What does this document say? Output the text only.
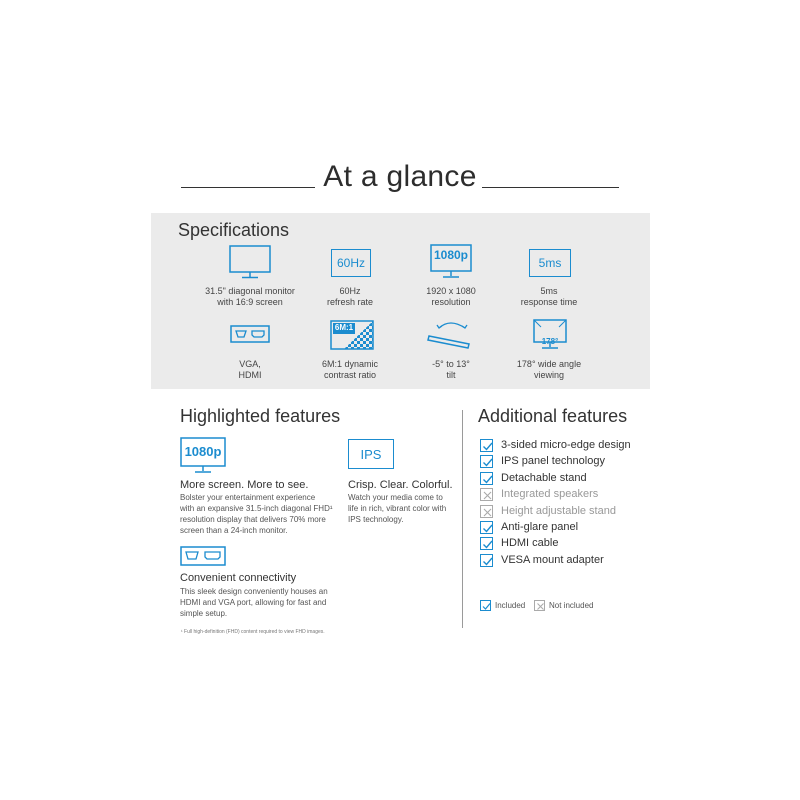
At a glance
Specifications
60Hz
1080p
5ms
31.5" diagonal monitor
with 16:9 screen
60Hz
refresh rate
1920 x 1080
resolution
5ms
response time
6M:1
178°
VGA,
HDMI
6M:1 dynamic
contrast ratio
-5° to 13°
tilt
178° wide angle
viewing
Highlighted features
1080p
More screen. More to see.
Bolster your entertainment experience
with an expansive 31.5-inch diagonal FHD¹
resolution display that delivers 70% more
screen than a 24-inch monitor.
IPS
Crisp. Clear. Colorful.
Watch your media come to
life in rich, vibrant color with
IPS technology.
Convenient connectivity
This sleek design conveniently houses an
HDMI and VGA port, allowing for fast and
simple setup.
¹ Full high-definition (FHD) content required to view FHD images.
Additional features
3-sided micro-edge design
IPS panel technology
Detachable stand
Integrated speakers
Height adjustable stand
Anti-glare panel
HDMI cable
VESA mount adapter
Included	Not included
